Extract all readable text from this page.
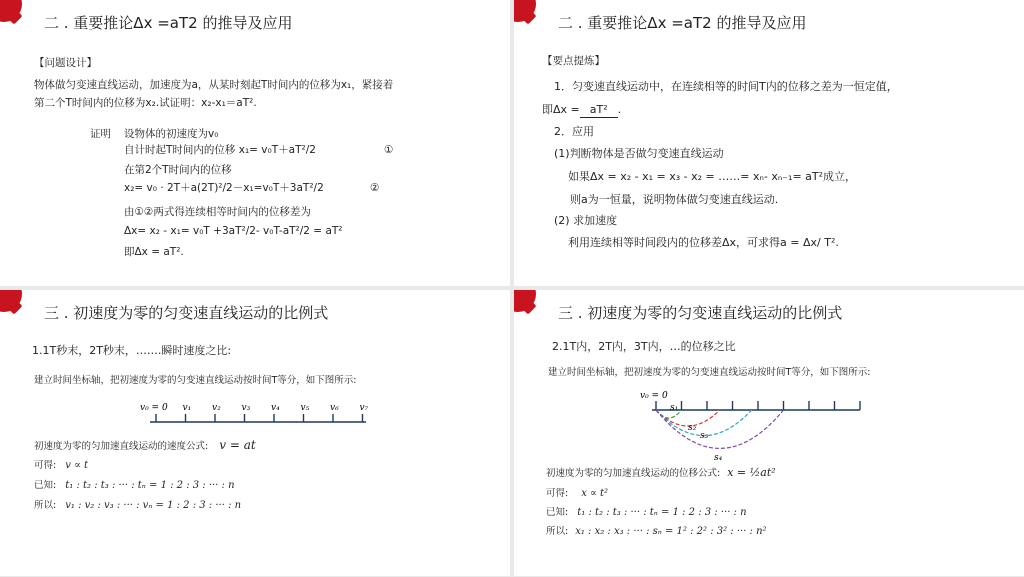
二 . 重要推论Δx =aT2 的推导及应用
【问题设计】
物体做匀变速直线运动，加速度为a，从某时刻起T时间内的位移为x₁，紧接着
第二个T时间内的位移为x₂.试证明：x₂-x₁＝aT².
证明 设物体的初速度为v₀
自计时起T时间内的位移 x₁= v₀T＋aT²/2	①
在第2个T时间内的位移
x₂= v₀ · 2T＋a(2T)²/2－x₁=v₀T＋3aT²/2	②
由①②两式得连续相等时间内的位移差为
Δx= x₂ - x₁= v₀T +3aT²/2- v₀T-aT²/2 = aT²
即Δx = aT².
二 . 重要推论Δx =aT2 的推导及应用
【要点提炼】
1．匀变速直线运动中，在连续相等的时间T内的位移之差为一恒定值，
即Δx = aT² .
2．应用
(1)判断物体是否做匀变速直线运动
如果Δx = x₂ - x₁ = x₃ - x₂ = ……= xₙ- xₙ₋₁= aT²成立，
则a为一恒量，说明物体做匀变速直线运动.
(2) 求加速度
利用连续相等时间段内的位移差Δx，可求得a = Δx/ T².
三 . 初速度为零的匀变速直线运动的比例式
1.1T秒末，2T秒末，…….瞬时速度之比:
建立时间坐标轴，把初速度为零的匀变速直线运动按时间T等分，如下图所示:
v₀ = 0 v₁ v₂ v₃ v₄ v₅ v₆ v₇
初速度为零的匀加速直线运动的速度公式: v = at
可得: v ∝ t
已知: t₁ : t₂ : t₃ : ··· : tₙ = 1 : 2 : 3 : ··· : n
所以: v₁ : v₂ : v₃ : ··· : vₙ = 1 : 2 : 3 : ··· : n
三 . 初速度为零的匀变速直线运动的比例式
2.1T内，2T内，3T内，…的位移之比
建立时间坐标轴，把初速度为零的匀变速直线运动按时间T等分，如下图所示:
v₀ = 0
s₁
s₂
s₃
s₄
初速度为零的匀加速直线运动的位移公式: x = ½at²
可得: x ∝ t²
已知: t₁ : t₂ : t₃ : ··· : tₙ = 1 : 2 : 3 : ··· : n
所以: x₁ : x₂ : x₃ : ··· : sₙ = 1² : 2² : 3² : ··· : n²
